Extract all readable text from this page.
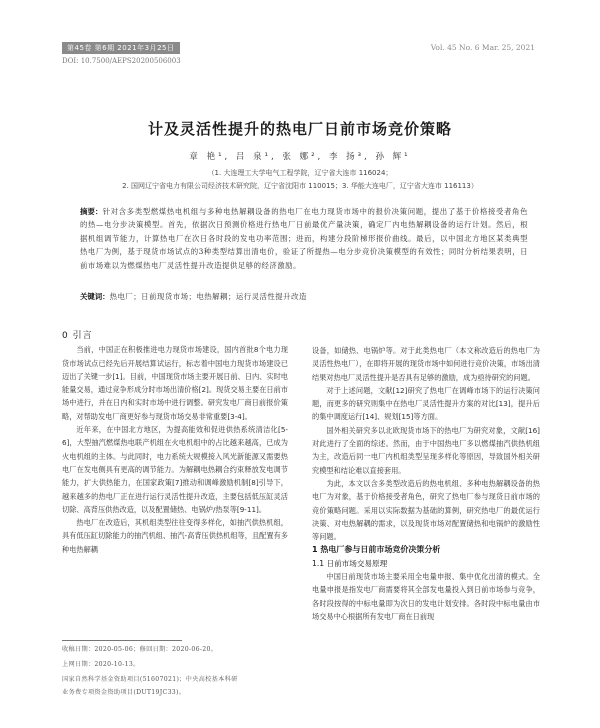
第45卷 第6期 2021年3月25日	Vol. 45 No. 6 Mar. 25, 2021
DOI: 10.7500/AEPS20200506003
计及灵活性提升的热电厂日前市场竞价策略
章 艳¹, 吕 泉¹, 张 娜², 李 扬³, 孙 辉¹
（1. 大连理工大学电气工程学院，辽宁省大连市 116024；
2. 国网辽宁省电力有限公司经济技术研究院，辽宁省沈阳市 110015；3. 华能大连电厂，辽宁省大连市 116113）
摘要：针对含多类型燃煤热电机组与多种电热解耦设备的热电厂在电力现货市场中的报价决策问题，提出了基于价格接受者角色的热—电分步决策模型。首先，依据次日预测价格进行热电厂日前最优产量决策，确定厂内电热解耦设备的运行计划。然后，根据机组调节能力，计算热电厂在次日各时段的发电功率范围；进而，构建分段阶梯形报价曲线。最后，以中国北方地区某类典型热电厂为例，基于现货市场试点的3种类型结算出清电价，验证了所提热—电分步竞价决策模型的有效性；同时分析结果表明，日前市场难以为燃煤热电厂灵活性提升改造提供足够的经济激励。
关键词：热电厂；日前现货市场；电热解耦；运行灵活性提升改造

0 引言

当前，中国正在积极推进电力现货市场建设，国内首批8个电力现货市场试点已经先后开展结算试运行，标志着中国电力现货市场建设已迈出了关键一步[1]。目前，中国现货市场主要开展日前、日内、实时电能量交易，通过竞争形成分时市场出清价格[2]。现货交易主要在日前市场中进行，并在日内和实时市场中进行调整。研究发电厂商日前报价策略，对帮助发电厂商更好参与现货市场交易非常重要[3-4]。

近年来，在中国北方地区，为提高能效和促进供热系统清洁化[5-6]，大型抽汽燃煤热电联产机组在火电机组中的占比越来越高，已成为火电机组的主体。与此同时，电力系统大规模接入风光新能源又需要热电厂在发电侧具有更高的调节能力。为解耦电热耦合约束释放发电调节能力，扩大供热能力，在国家政策[7]推动和调峰激励机制[8]引导下，越来越多的热电厂正在进行运行灵活性提升改造，主要包括低压缸灵活切除、高背压供热改造，以及配置储热、电锅炉/热泵等[9-11]。

热电厂在改造后，其机组类型往往变得多样化，如抽汽供热机组，具有低压缸切除能力的抽汽机组、抽汽-高背压供热机组等，且配置有多种电热解耦

设备，如储热、电锅炉等。对于此类热电厂（本文称改造后的热电厂为灵活性热电厂），在即将开展的现货市场中如何进行竞价决策，市场出清结果对热电厂灵活性提升是否具有足够的激励，成为亟待研究的问题。

对于上述问题，文献[12]研究了热电厂在调峰市场下的运行决策问题，而更多的研究则集中在热电厂灵活性提升方案的对比[13]，提升后的集中调度运行[14]、规划[15]等方面。

国外相关研究多以北欧现货市场下的热电厂为研究对象，文献[16]对此进行了全面的综述。然而，由于中国热电厂多以燃煤抽汽供热机组为主，改造后同一电厂内机组类型呈现多样化等原因，导致国外相关研究模型和结论难以直接套用。

为此，本文以含多类型改造后的热电机组、多种电热解耦设备的热电厂为对象，基于价格接受者角色，研究了热电厂参与现货日前市场的竞价策略问题。采用以实际数据为基础的算例，研究热电厂的最优运行决策、对电热解耦的需求，以及现货市场对配置储热和电锅炉的激励性等问题。

1 热电厂参与日前市场竞价决策分析

1.1 日前市场交易原理

中国日前现货市场主要采用全电量申报、集中优化出清的模式。全电量申报是指发电厂商需要将其全部发电量投入到日前市场参与竞争，各时段按得的中标电量即为次日的发电计划安排。各时段中标电量由市场交易中心根据所有发电厂商在日前现

收稿日期：2020-05-06；修回日期：2020-06-20。
上网日期：2020-10-13。
国家自然科学基金资助项目(51607021)；中央高校基本科研
业务费专项资金资助项目(DUT19JC33)。
